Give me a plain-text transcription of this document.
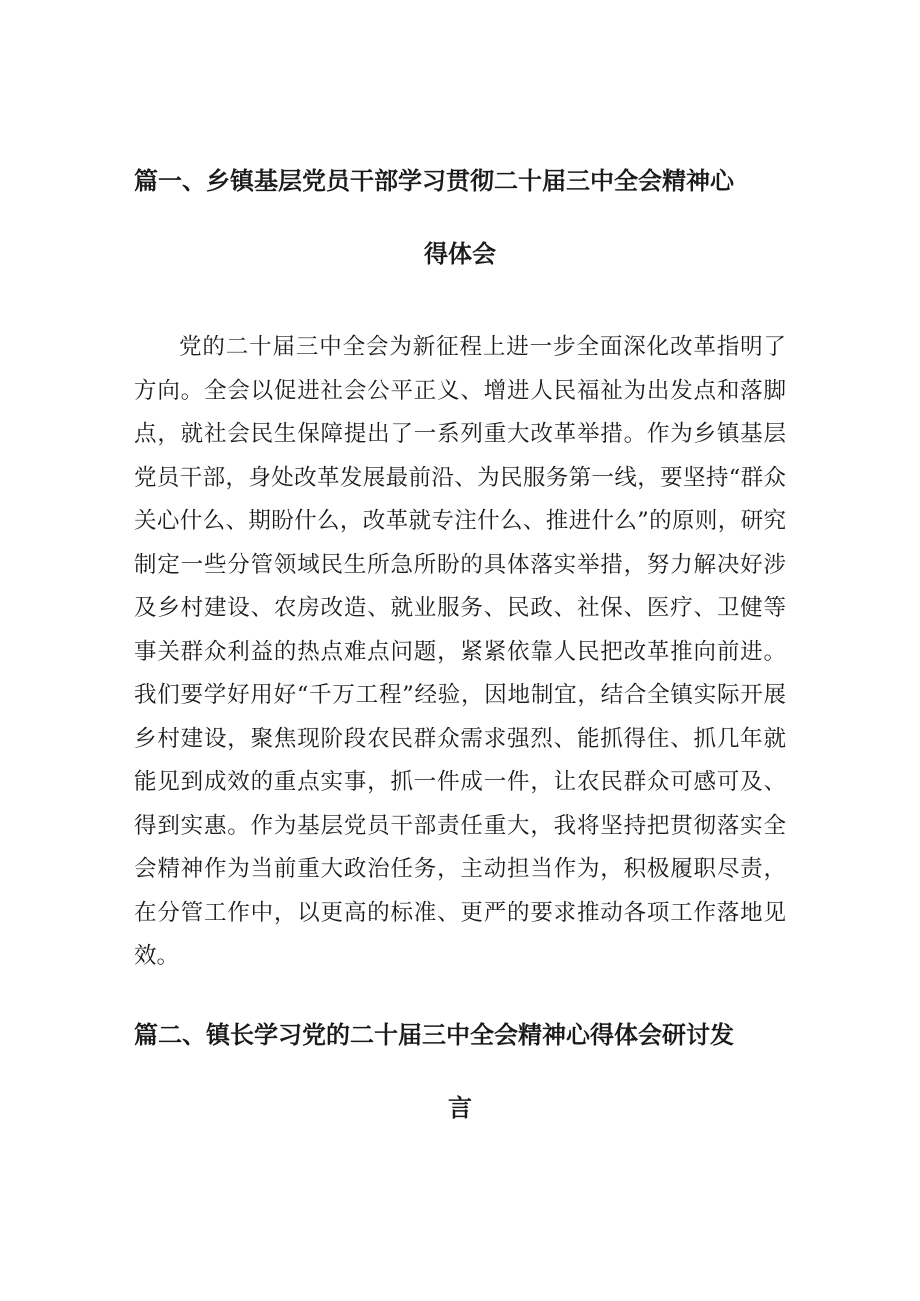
篇一、乡镇基层党员干部学习贯彻二十届三中全会精神心
得体会

党的二十届三中全会为新征程上进一步全面深化改革指明了方向。全会以促进社会公平正义、增进人民福祉为出发点和落脚点，就社会民生保障提出了一系列重大改革举措。作为乡镇基层党员干部，身处改革发展最前沿、为民服务第一线，要坚持“群众关心什么、期盼什么，改革就专注什么、推进什么”的原则，研究制定一些分管领域民生所急所盼的具体落实举措，努力解决好涉及乡村建设、农房改造、就业服务、民政、社保、医疗、卫健等事关群众利益的热点难点问题，紧紧依靠人民把改革推向前进。我们要学好用好“千万工程”经验，因地制宜，结合全镇实际开展乡村建设，聚焦现阶段农民群众需求强烈、能抓得住、抓几年就能见到成效的重点实事，抓一件成一件，让农民群众可感可及、得到实惠。作为基层党员干部责任重大，我将坚持把贯彻落实全会精神作为当前重大政治任务，主动担当作为，积极履职尽责，在分管工作中，以更高的标准、更严的要求推动各项工作落地见效。

篇二、镇长学习党的二十届三中全会精神心得体会研讨发
言
